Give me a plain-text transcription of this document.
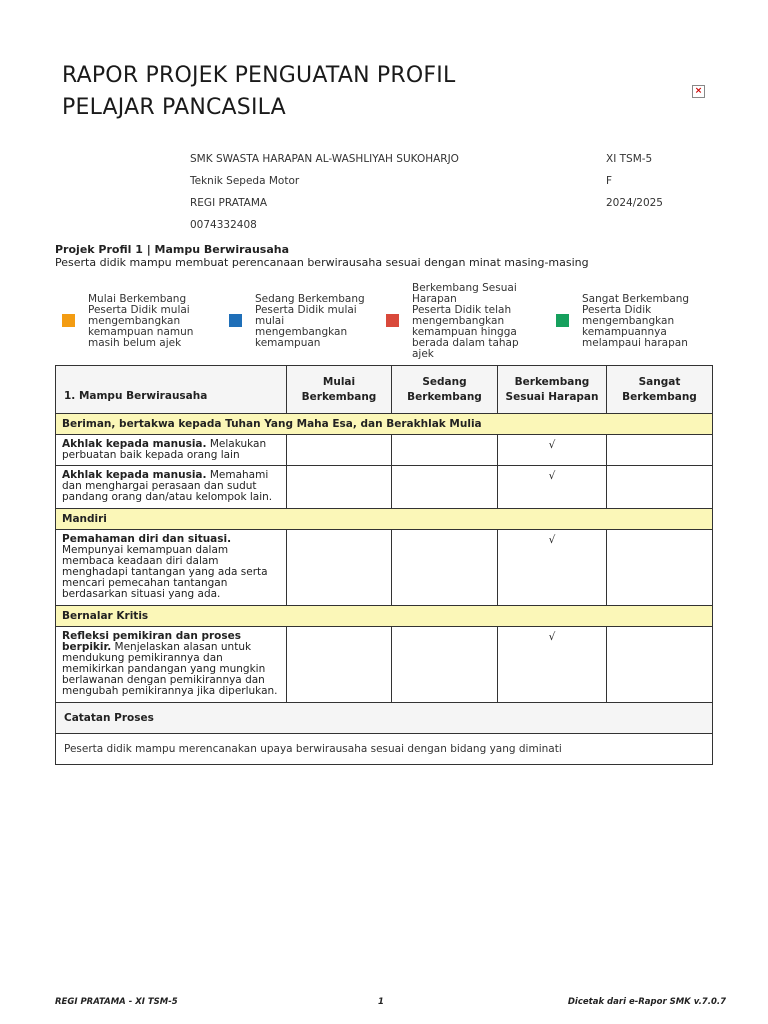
RAPOR PROJEK PENGUATAN PROFIL
PELAJAR PANCASILA
×
SMK SWASTA HARAPAN AL-WASHLIYAH SUKOHARJO
Teknik Sepeda Motor
REGI PRATAMA
0074332408
XI TSM-5
F
2024/2025
Projek Profil 1 | Mampu Berwirausaha
Peserta didik mampu membuat perencanaan berwirausaha sesuai dengan minat masing-masing
Mulai Berkembang
Peserta Didik mulai mengembangkan kemampuan namun masih belum ajek
Sedang Berkembang
Peserta Didik mulai mulai mengembangkan kemampuan
Berkembang Sesuai Harapan
Peserta Didik telah mengembangkan kemampuan hingga berada dalam tahap ajek
Sangat Berkembang
Peserta Didik mengembangkan kemampuannya melampaui harapan
1. Mampu Berwirausaha	Mulai Berkembang	Sedang Berkembang	Berkembang Sesuai Harapan	Sangat Berkembang
Beriman, bertakwa kepada Tuhan Yang Maha Esa, dan Berakhlak Mulia				
Akhlak kepada manusia. Melakukan perbuatan baik kepada orang lain			√	
Akhlak kepada manusia. Memahami dan menghargai perasaan dan sudut pandang orang dan/atau kelompok lain.			√	
Mandiri				
Pemahaman diri dan situasi. Mempunyai kemampuan dalam membaca keadaan diri dalam menghadapi tantangan yang ada serta mencari pemecahan tantangan berdasarkan situasi yang ada.			√	
Bernalar Kritis				
Refleksi pemikiran dan proses berpikir. Menjelaskan alasan untuk mendukung pemikirannya dan memikirkan pandangan yang mungkin berlawanan dengan pemikirannya dan mengubah pemikirannya jika diperlukan.			√	
Catatan Proses				
Peserta didik mampu merencanakan upaya berwirausaha sesuai dengan bidang yang diminati				
REGI PRATAMA - XI TSM-5	1	Dicetak dari e-Rapor SMK v.7.0.7
